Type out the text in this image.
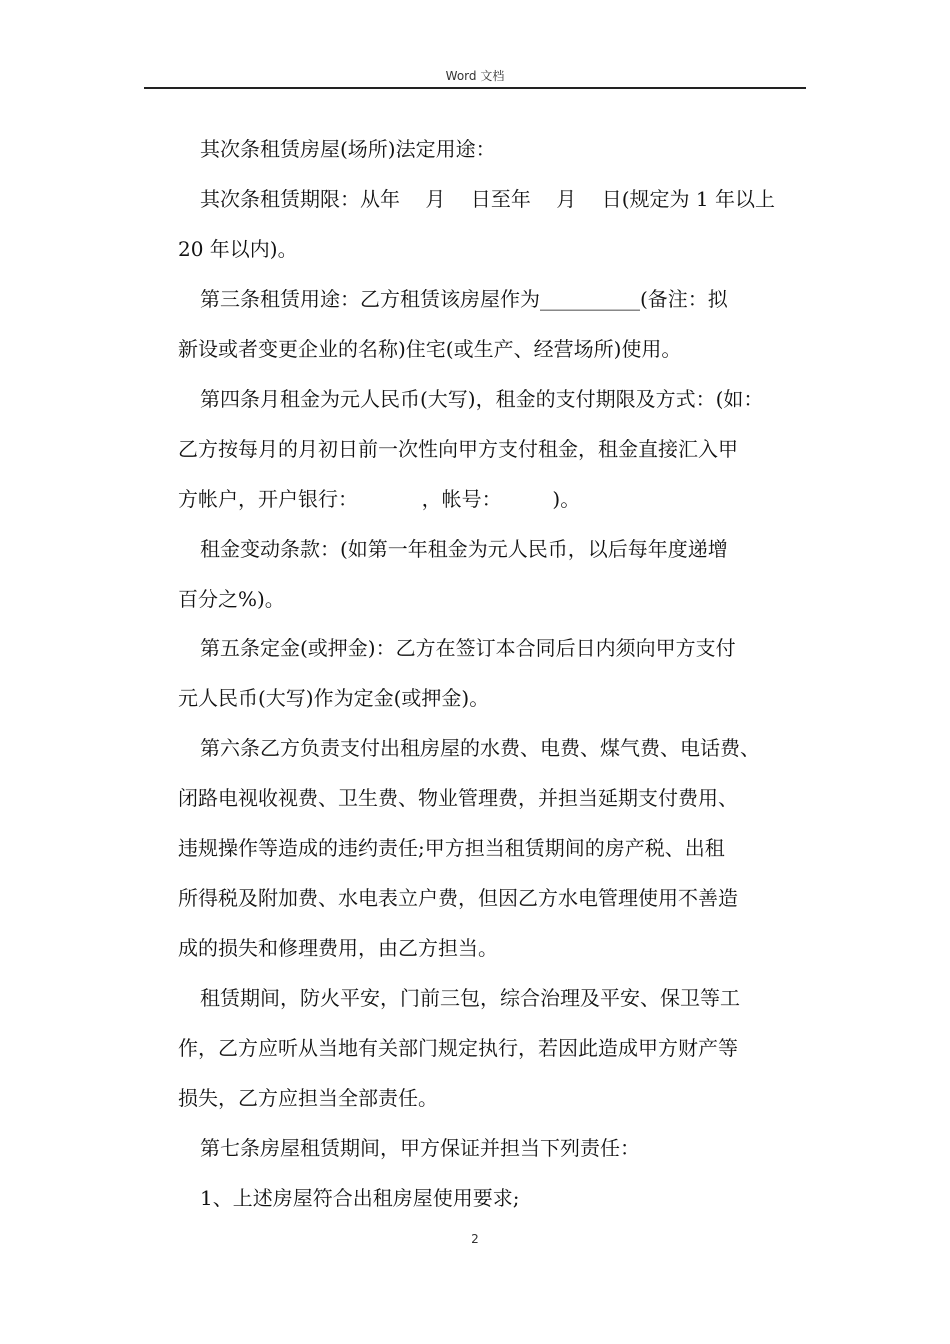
Word 文档
其次条租赁房屋(场所)法定用途：
其次条租赁期限：从年    月    日至年    月    日(规定为 1 年以上
20 年以内)。
第三条租赁用途：乙方租赁该房屋作为__________(备注：拟
新设或者变更企业的名称)住宅(或生产、经营场所)使用。
第四条月租金为元人民币(大写)，租金的支付期限及方式：(如：
乙方按每月的月初日前一次性向甲方支付租金，租金直接汇入甲
方帐户，开户银行：          ，帐号：        )。
租金变动条款：(如第一年租金为元人民币，以后每年度递增
百分之%)。
第五条定金(或押金)：乙方在签订本合同后日内须向甲方支付
元人民币(大写)作为定金(或押金)。
第六条乙方负责支付出租房屋的水费、电费、煤气费、电话费、
闭路电视收视费、卫生费、物业管理费，并担当延期支付费用、
违规操作等造成的违约责任;甲方担当租赁期间的房产税、出租
所得税及附加费、水电表立户费，但因乙方水电管理使用不善造
成的损失和修理费用，由乙方担当。
租赁期间，防火平安，门前三包，综合治理及平安、保卫等工
作，乙方应听从当地有关部门规定执行，若因此造成甲方财产等
损失，乙方应担当全部责任。
第七条房屋租赁期间，甲方保证并担当下列责任：
1、上述房屋符合出租房屋使用要求;
2
